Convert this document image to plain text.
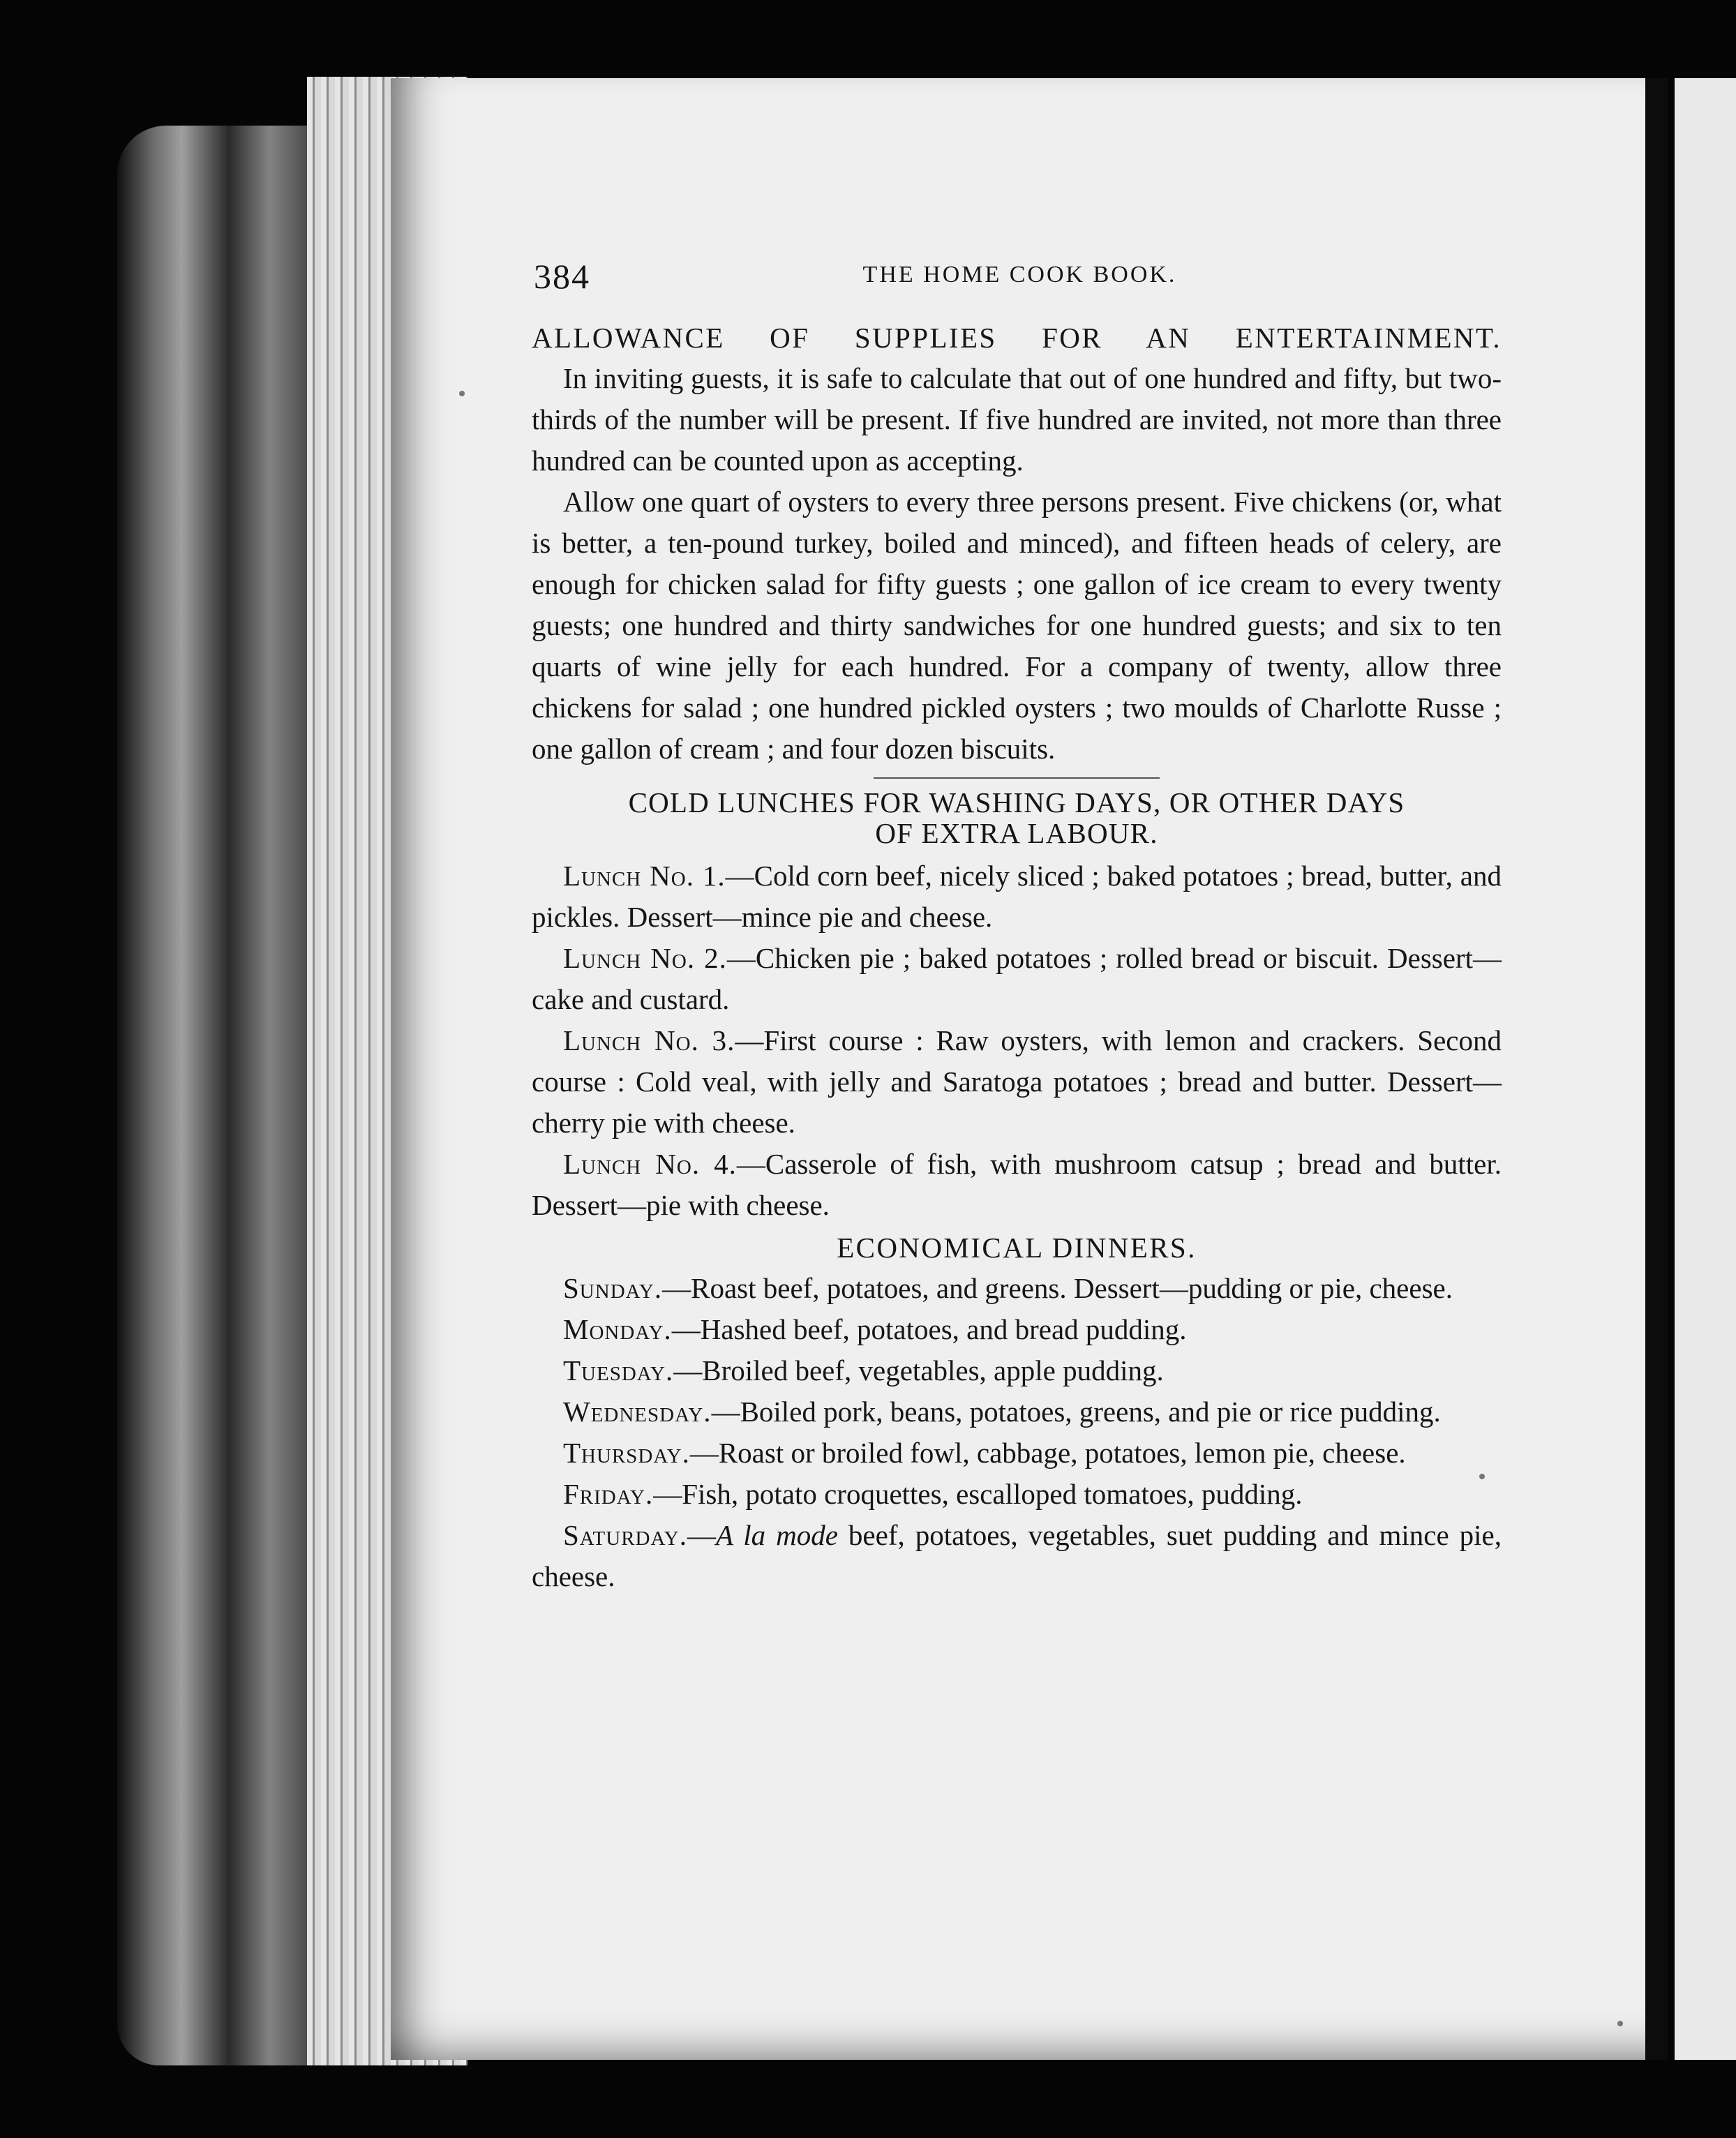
384	THE HOME COOK BOOK.
ALLOWANCE OF SUPPLIES FOR AN ENTERTAINMENT.

In inviting guests, it is safe to calculate that out of one hundred and fifty, but two-thirds of the number will be present. If five hundred are invited, not more than three hundred can be counted upon as accepting.

Allow one quart of oysters to every three persons present. Five chickens (or, what is better, a ten-pound turkey, boiled and minced), and fifteen heads of celery, are enough for chicken salad for fifty guests ; one gallon of ice cream to every twenty guests; one hundred and thirty sandwiches for one hundred guests; and six to ten quarts of wine jelly for each hundred. For a company of twenty, allow three chickens for salad ; one hundred pickled oysters ; two moulds of Charlotte Russe ; one gallon of cream ; and four dozen biscuits.

COLD LUNCHES FOR WASHING DAYS, OR OTHER DAYS
OF EXTRA LABOUR.

Lunch No. 1.—Cold corn beef, nicely sliced ; baked potatoes ; bread, butter, and pickles. Dessert—mince pie and cheese.

Lunch No. 2.—Chicken pie ; baked potatoes ; rolled bread or biscuit. Dessert—cake and custard.

Lunch No. 3.—First course : Raw oysters, with lemon and crackers. Second course : Cold veal, with jelly and Saratoga potatoes ; bread and butter. Dessert—cherry pie with cheese.

Lunch No. 4.—Casserole of fish, with mushroom catsup ; bread and butter. Dessert—pie with cheese.

ECONOMICAL DINNERS.

Sunday.—Roast beef, potatoes, and greens. Dessert—pudding or pie, cheese.

Monday.—Hashed beef, potatoes, and bread pudding.

Tuesday.—Broiled beef, vegetables, apple pudding.

Wednesday.—Boiled pork, beans, potatoes, greens, and pie or rice pudding.

Thursday.—Roast or broiled fowl, cabbage, potatoes, lemon pie, cheese.

Friday.—Fish, potato croquettes, escalloped tomatoes, pudding.

Saturday.—A la mode beef, potatoes, vegetables, suet pudding and mince pie, cheese.
